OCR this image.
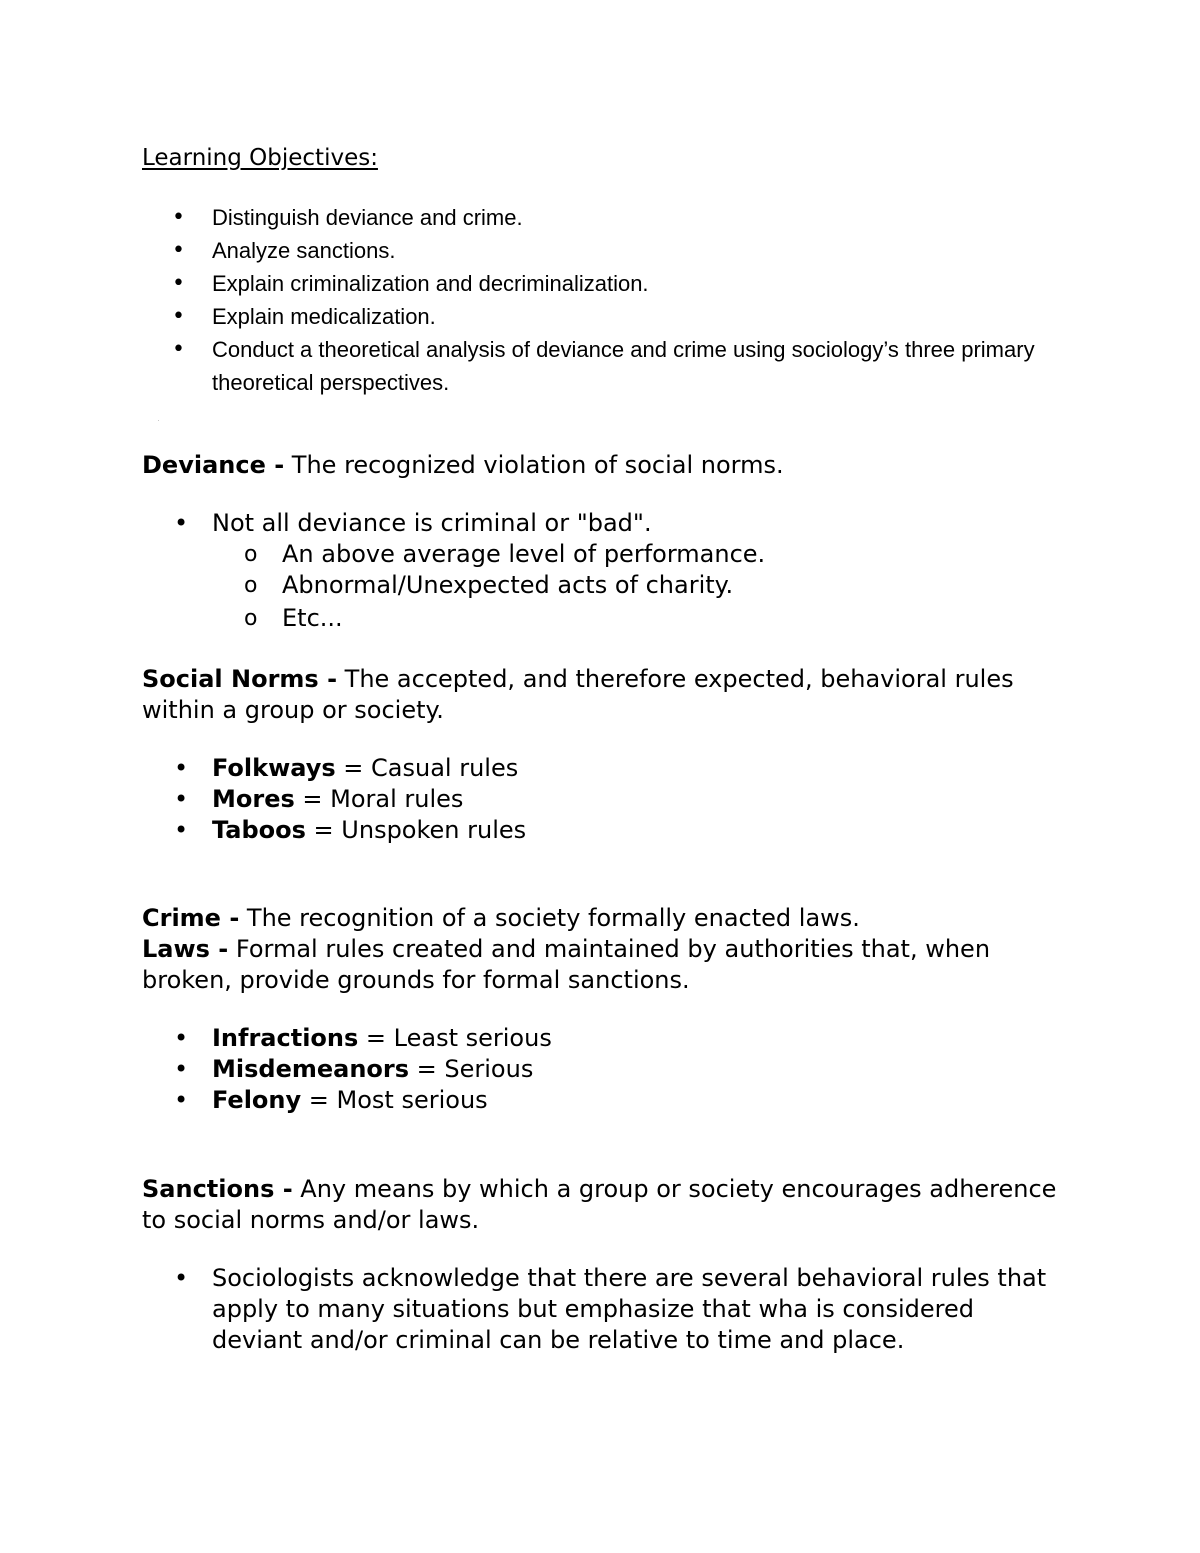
Learning Objectives:
• Distinguish deviance and crime.
• Analyze sanctions.
• Explain criminalization and decriminalization.
• Explain medicalization.
• Conduct a theoretical analysis of deviance and crime using sociology’s three primary theoretical perspectives.

Deviance - The recognized violation of social norms.

• Not all deviance is criminal or "bad".
o An above average level of performance.
o Abnormal/Unexpected acts of charity.
o Etc...

Social Norms - The accepted, and therefore expected, behavioral rules within a group or society.

• Folkways = Casual rules
• Mores = Moral rules
• Taboos = Unspoken rules

Crime - The recognition of a society formally enacted laws.

Laws - Formal rules created and maintained by authorities that, when broken, provide grounds for formal sanctions.

• Infractions = Least serious
• Misdemeanors = Serious
• Felony = Most serious

Sanctions - Any means by which a group or society encourages adherence to social norms and/or laws.

• Sociologists acknowledge that there are several behavioral rules that apply to many situations but emphasize that wha is considered deviant and/or criminal can be relative to time and place.
